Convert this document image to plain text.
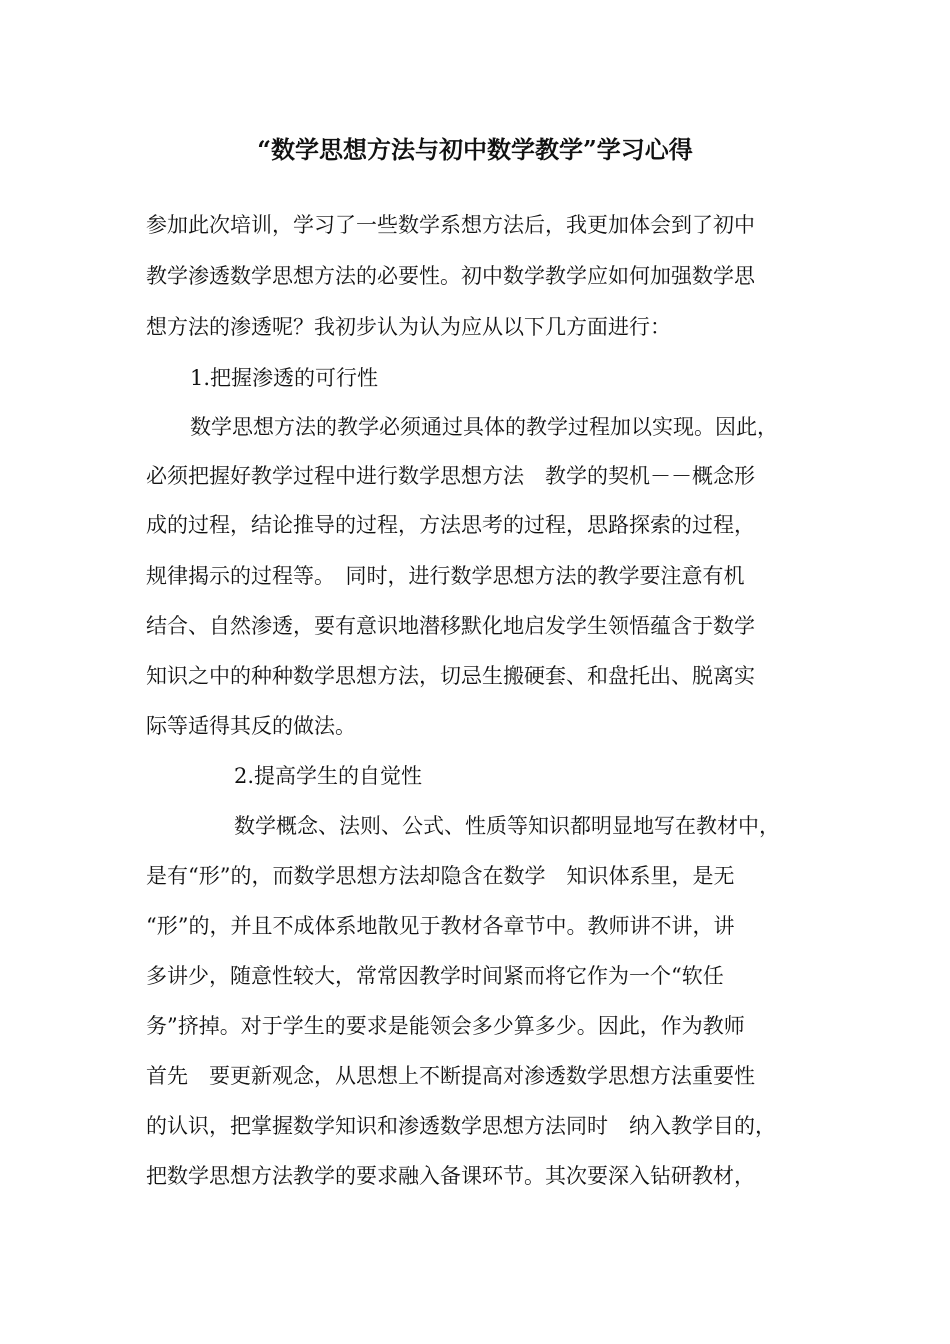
“数学思想方法与初中数学教学”学习心得
参加此次培训，学习了一些数学系想方法后，我更加体会到了初中
教学渗透数学思想方法的必要性。初中数学教学应如何加强数学思
想方法的渗透呢？我初步认为认为应从以下几方面进行：
1.把握渗透的可行性
数学思想方法的教学必须通过具体的教学过程加以实现。因此，
必须把握好教学过程中进行数学思想方法　教学的契机－－概念形
成的过程，结论推导的过程，方法思考的过程，思路探索的过程，
规律揭示的过程等。　同时，进行数学思想方法的教学要注意有机
结合、自然渗透，要有意识地潜移默化地启发学生领悟蕴含于数学
知识之中的种种数学思想方法，切忌生搬硬套、和盘托出、脱离实
际等适得其反的做法。
2.提高学生的自觉性
数学概念、法则、公式、性质等知识都明显地写在教材中，
是有“形”的，而数学思想方法却隐含在数学　知识体系里，是无
“形”的，并且不成体系地散见于教材各章节中。教师讲不讲，讲
多讲少，随意性较大，常常因教学时间紧而将它作为一个“软任
务”挤掉。对于学生的要求是能领会多少算多少。因此，作为教师
首先　要更新观念，从思想上不断提高对渗透数学思想方法重要性
的认识，把掌握数学知识和渗透数学思想方法同时　纳入教学目的，
把数学思想方法教学的要求融入备课环节。其次要深入钻研教材，
